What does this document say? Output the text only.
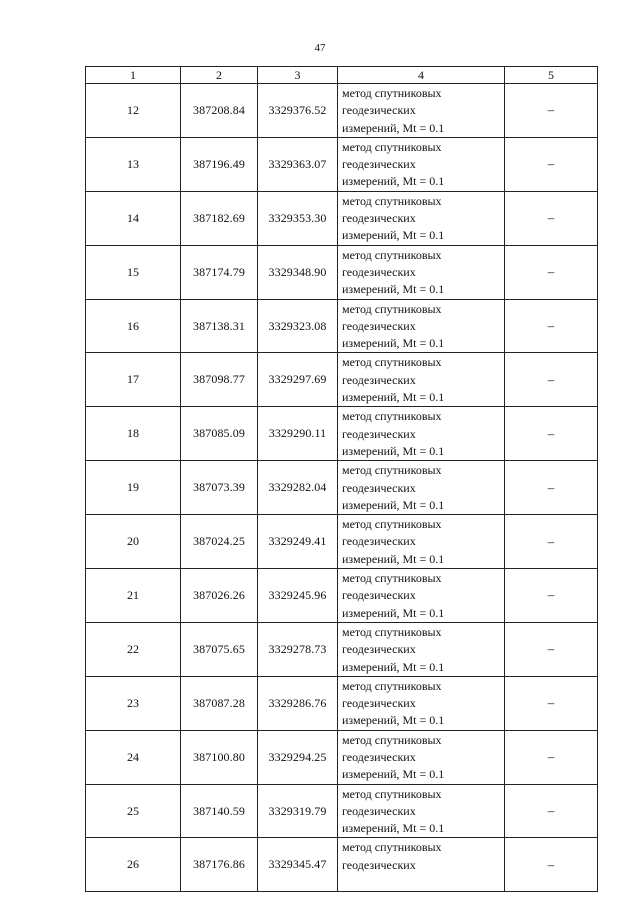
47
1	2	3	4	5
12	387208.84	3329376.52	метод спутниковых
геодезических
измерений, Mt = 0.1	–
13	387196.49	3329363.07	метод спутниковых
геодезических
измерений, Mt = 0.1	–
14	387182.69	3329353.30	метод спутниковых
геодезических
измерений, Mt = 0.1	–
15	387174.79	3329348.90	метод спутниковых
геодезических
измерений, Mt = 0.1	–
16	387138.31	3329323.08	метод спутниковых
геодезических
измерений, Mt = 0.1	–
17	387098.77	3329297.69	метод спутниковых
геодезических
измерений, Mt = 0.1	–
18	387085.09	3329290.11	метод спутниковых
геодезических
измерений, Mt = 0.1	–
19	387073.39	3329282.04	метод спутниковых
геодезических
измерений, Mt = 0.1	–
20	387024.25	3329249.41	метод спутниковых
геодезических
измерений, Mt = 0.1	–
21	387026.26	3329245.96	метод спутниковых
геодезических
измерений, Mt = 0.1	–
22	387075.65	3329278.73	метод спутниковых
геодезических
измерений, Mt = 0.1	–
23	387087.28	3329286.76	метод спутниковых
геодезических
измерений, Mt = 0.1	–
24	387100.80	3329294.25	метод спутниковых
геодезических
измерений, Mt = 0.1	–
25	387140.59	3329319.79	метод спутниковых
геодезических
измерений, Mt = 0.1	–
26	387176.86	3329345.47	метод спутниковых
геодезических	–
